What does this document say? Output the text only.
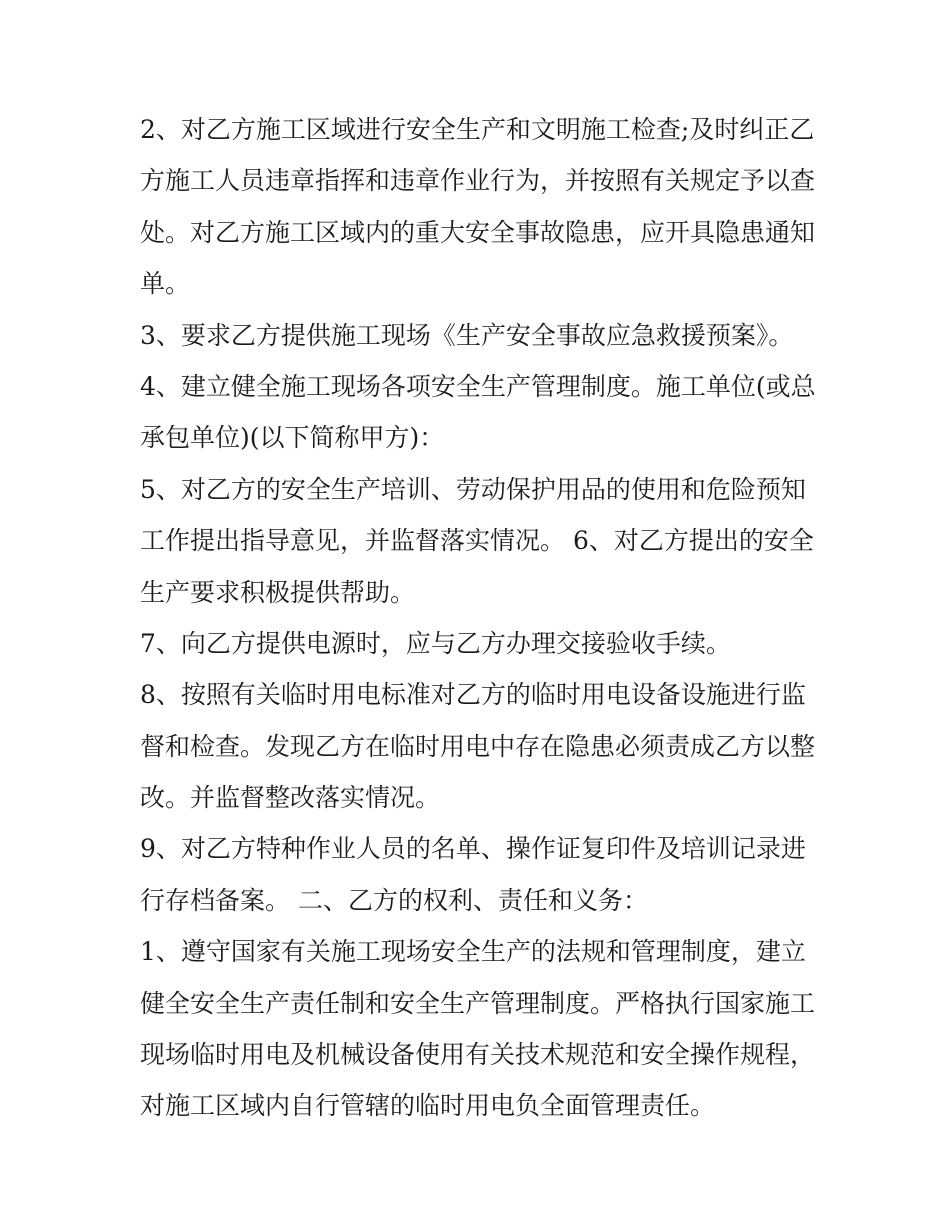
2、对乙方施工区域进行安全生产和文明施工检查;及时纠正乙
方施工人员违章指挥和违章作业行为，并按照有关规定予以查
处。对乙方施工区域内的重大安全事故隐患，应开具隐患通知
单。
3、要求乙方提供施工现场《生产安全事故应急救援预案》。
4、建立健全施工现场各项安全生产管理制度。施工单位(或总
承包单位)(以下简称甲方)：
5、对乙方的安全生产培训、劳动保护用品的使用和危险预知
工作提出指导意见，并监督落实情况。 6、对乙方提出的安全
生产要求积极提供帮助。
7、向乙方提供电源时，应与乙方办理交接验收手续。
8、按照有关临时用电标准对乙方的临时用电设备设施进行监
督和检查。发现乙方在临时用电中存在隐患必须责成乙方以整
改。并监督整改落实情况。
9、对乙方特种作业人员的名单、操作证复印件及培训记录进
行存档备案。 二、乙方的权利、责任和义务：
1、遵守国家有关施工现场安全生产的法规和管理制度，建立
健全安全生产责任制和安全生产管理制度。严格执行国家施工
现场临时用电及机械设备使用有关技术规范和安全操作规程，
对施工区域内自行管辖的临时用电负全面管理责任。
